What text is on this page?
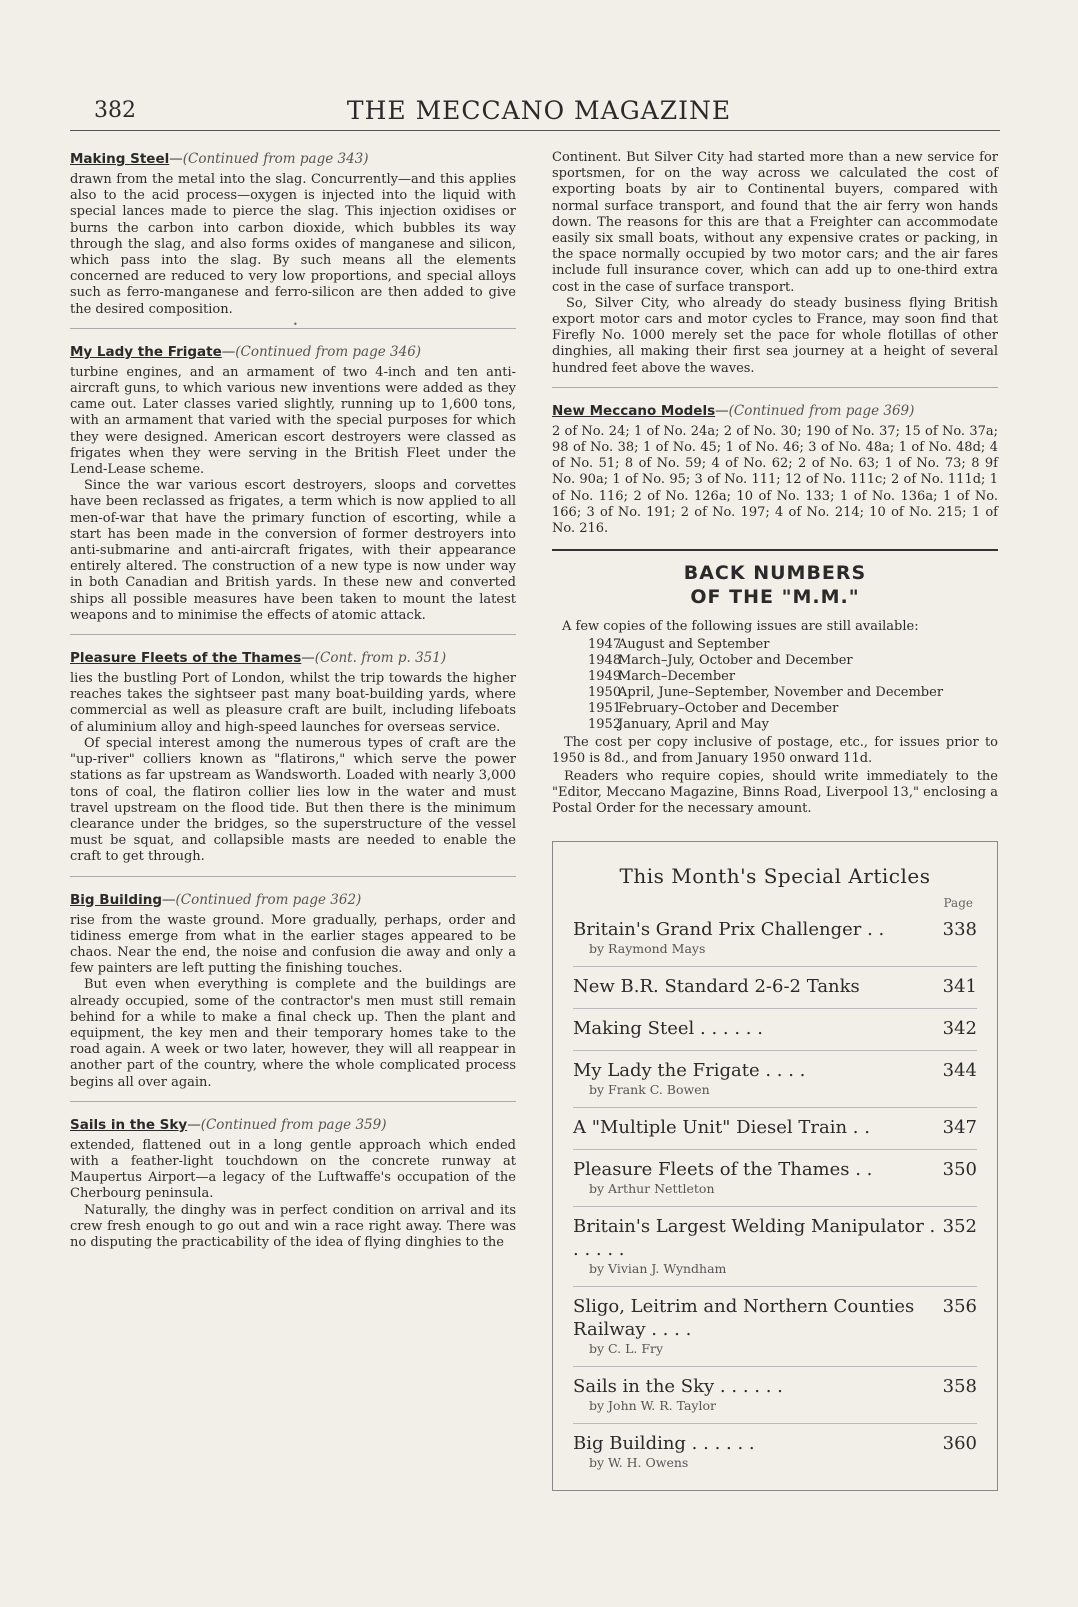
382	THE MECCANO MAGAZINE
Making Steel—(Continued from page 343)

drawn from the metal into the slag. Concurrently—and this applies also to the acid process—oxygen is injected into the liquid with special lances made to pierce the slag. This injection oxidises or burns the carbon into carbon dioxide, which bubbles its way through the slag, and also forms oxides of manganese and silicon, which pass into the slag. By such means all the elements concerned are reduced to very low proportions, and special alloys such as ferro-manganese and ferro-silicon are then added to give the desired composition.

•
My Lady the Frigate—(Continued from page 346)

turbine engines, and an armament of two 4-inch and ten anti-aircraft guns, to which various new inventions were added as they came out. Later classes varied slightly, running up to 1,600 tons, with an armament that varied with the special purposes for which they were designed. American escort destroyers were classed as frigates when they were serving in the British Fleet under the Lend-Lease scheme.

Since the war various escort destroyers, sloops and corvettes have been reclassed as frigates, a term which is now applied to all men-of-war that have the primary function of escorting, while a start has been made in the conversion of former destroyers into anti-submarine and anti-aircraft frigates, with their appearance entirely altered. The construction of a new type is now under way in both Canadian and British yards. In these new and converted ships all possible measures have been taken to mount the latest weapons and to minimise the effects of atomic attack.

Pleasure Fleets of the Thames—(Cont. from p. 351)

lies the bustling Port of London, whilst the trip towards the higher reaches takes the sightseer past many boat-building yards, where commercial as well as pleasure craft are built, including lifeboats of aluminium alloy and high-speed launches for overseas service.

Of special interest among the numerous types of craft are the "up-river" colliers known as "flatirons," which serve the power stations as far upstream as Wandsworth. Loaded with nearly 3,000 tons of coal, the flatiron collier lies low in the water and must travel upstream on the flood tide. But then there is the minimum clearance under the bridges, so the superstructure of the vessel must be squat, and collapsible masts are needed to enable the craft to get through.

Big Building—(Continued from page 362)

rise from the waste ground. More gradually, perhaps, order and tidiness emerge from what in the earlier stages appeared to be chaos. Near the end, the noise and confusion die away and only a few painters are left putting the finishing touches.

But even when everything is complete and the buildings are already occupied, some of the contractor's men must still remain behind for a while to make a final check up. Then the plant and equipment, the key men and their temporary homes take to the road again. A week or two later, however, they will all reappear in another part of the country, where the whole complicated process begins all over again.

Sails in the Sky—(Continued from page 359)

extended, flattened out in a long gentle approach which ended with a feather-light touchdown on the concrete runway at Maupertus Airport—a legacy of the Luftwaffe's occupation of the Cherbourg peninsula.

Naturally, the dinghy was in perfect condition on arrival and its crew fresh enough to go out and win a race right away. There was no disputing the practicability of the idea of flying dinghies to the

Continent. But Silver City had started more than a new service for sportsmen, for on the way across we calculated the cost of exporting boats by air to Continental buyers, compared with normal surface transport, and found that the air ferry won hands down. The reasons for this are that a Freighter can accommodate easily six small boats, without any expensive crates or packing, in the space normally occupied by two motor cars; and the air fares include full insurance cover, which can add up to one-third extra cost in the case of surface transport.

So, Silver City, who already do steady business flying British export motor cars and motor cycles to France, may soon find that Firefly No. 1000 merely set the pace for whole flotillas of other dinghies, all making their first sea journey at a height of several hundred feet above the waves.

New Meccano Models—(Continued from page 369)

2 of No. 24; 1 of No. 24a; 2 of No. 30; 190 of No. 37; 15 of No. 37a; 98 of No. 38; 1 of No. 45; 1 of No. 46; 3 of No. 48a; 1 of No. 48d; 4 of No. 51; 8 of No. 59; 4 of No. 62; 2 of No. 63; 1 of No. 73; 8 9f No. 90a; 1 of No. 95; 3 of No. 111; 12 of No. 111c; 2 of No. 111d; 1 of No. 116; 2 of No. 126a; 10 of No. 133; 1 of No. 136a; 1 of No. 166; 3 of No. 191; 2 of No. 197; 4 of No. 214; 10 of No. 215; 1 of No. 216.

BACK NUMBERS
OF THE "M.M."
A few copies of the following issues are still available:
1947
August and September
1948
March–July, October and December
1949
March–December
1950
April, June–September, November and December
1951
February–October and December
1952
January, April and May

The cost per copy inclusive of postage, etc., for issues prior to 1950 is 8d., and from January 1950 onward 11d.

Readers who require copies, should write immediately to the "Editor, Meccano Magazine, Binns Road, Liverpool 13," enclosing a Postal Order for the necessary amount.

This Month's Special Articles
Page
Britain's Grand Prix Challenger . .	338
by Raymond Mays
New B.R. Standard 2-6-2 Tanks	341
Making Steel . . . . . .	342
My Lady the Frigate . . . .	344
by Frank C. Bowen
A "Multiple Unit" Diesel Train . .	347
Pleasure Fleets of the Thames . .	350
by Arthur Nettleton
Britain's Largest Welding Manipulator . . . . . .
352
by Vivian J. Wyndham
Sligo, Leitrim and Northern Counties Railway . . . .
356
by C. L. Fry
Sails in the Sky . . . . . .	358
by John W. R. Taylor
Big Building . . . . . .	360
by W. H. Owens
